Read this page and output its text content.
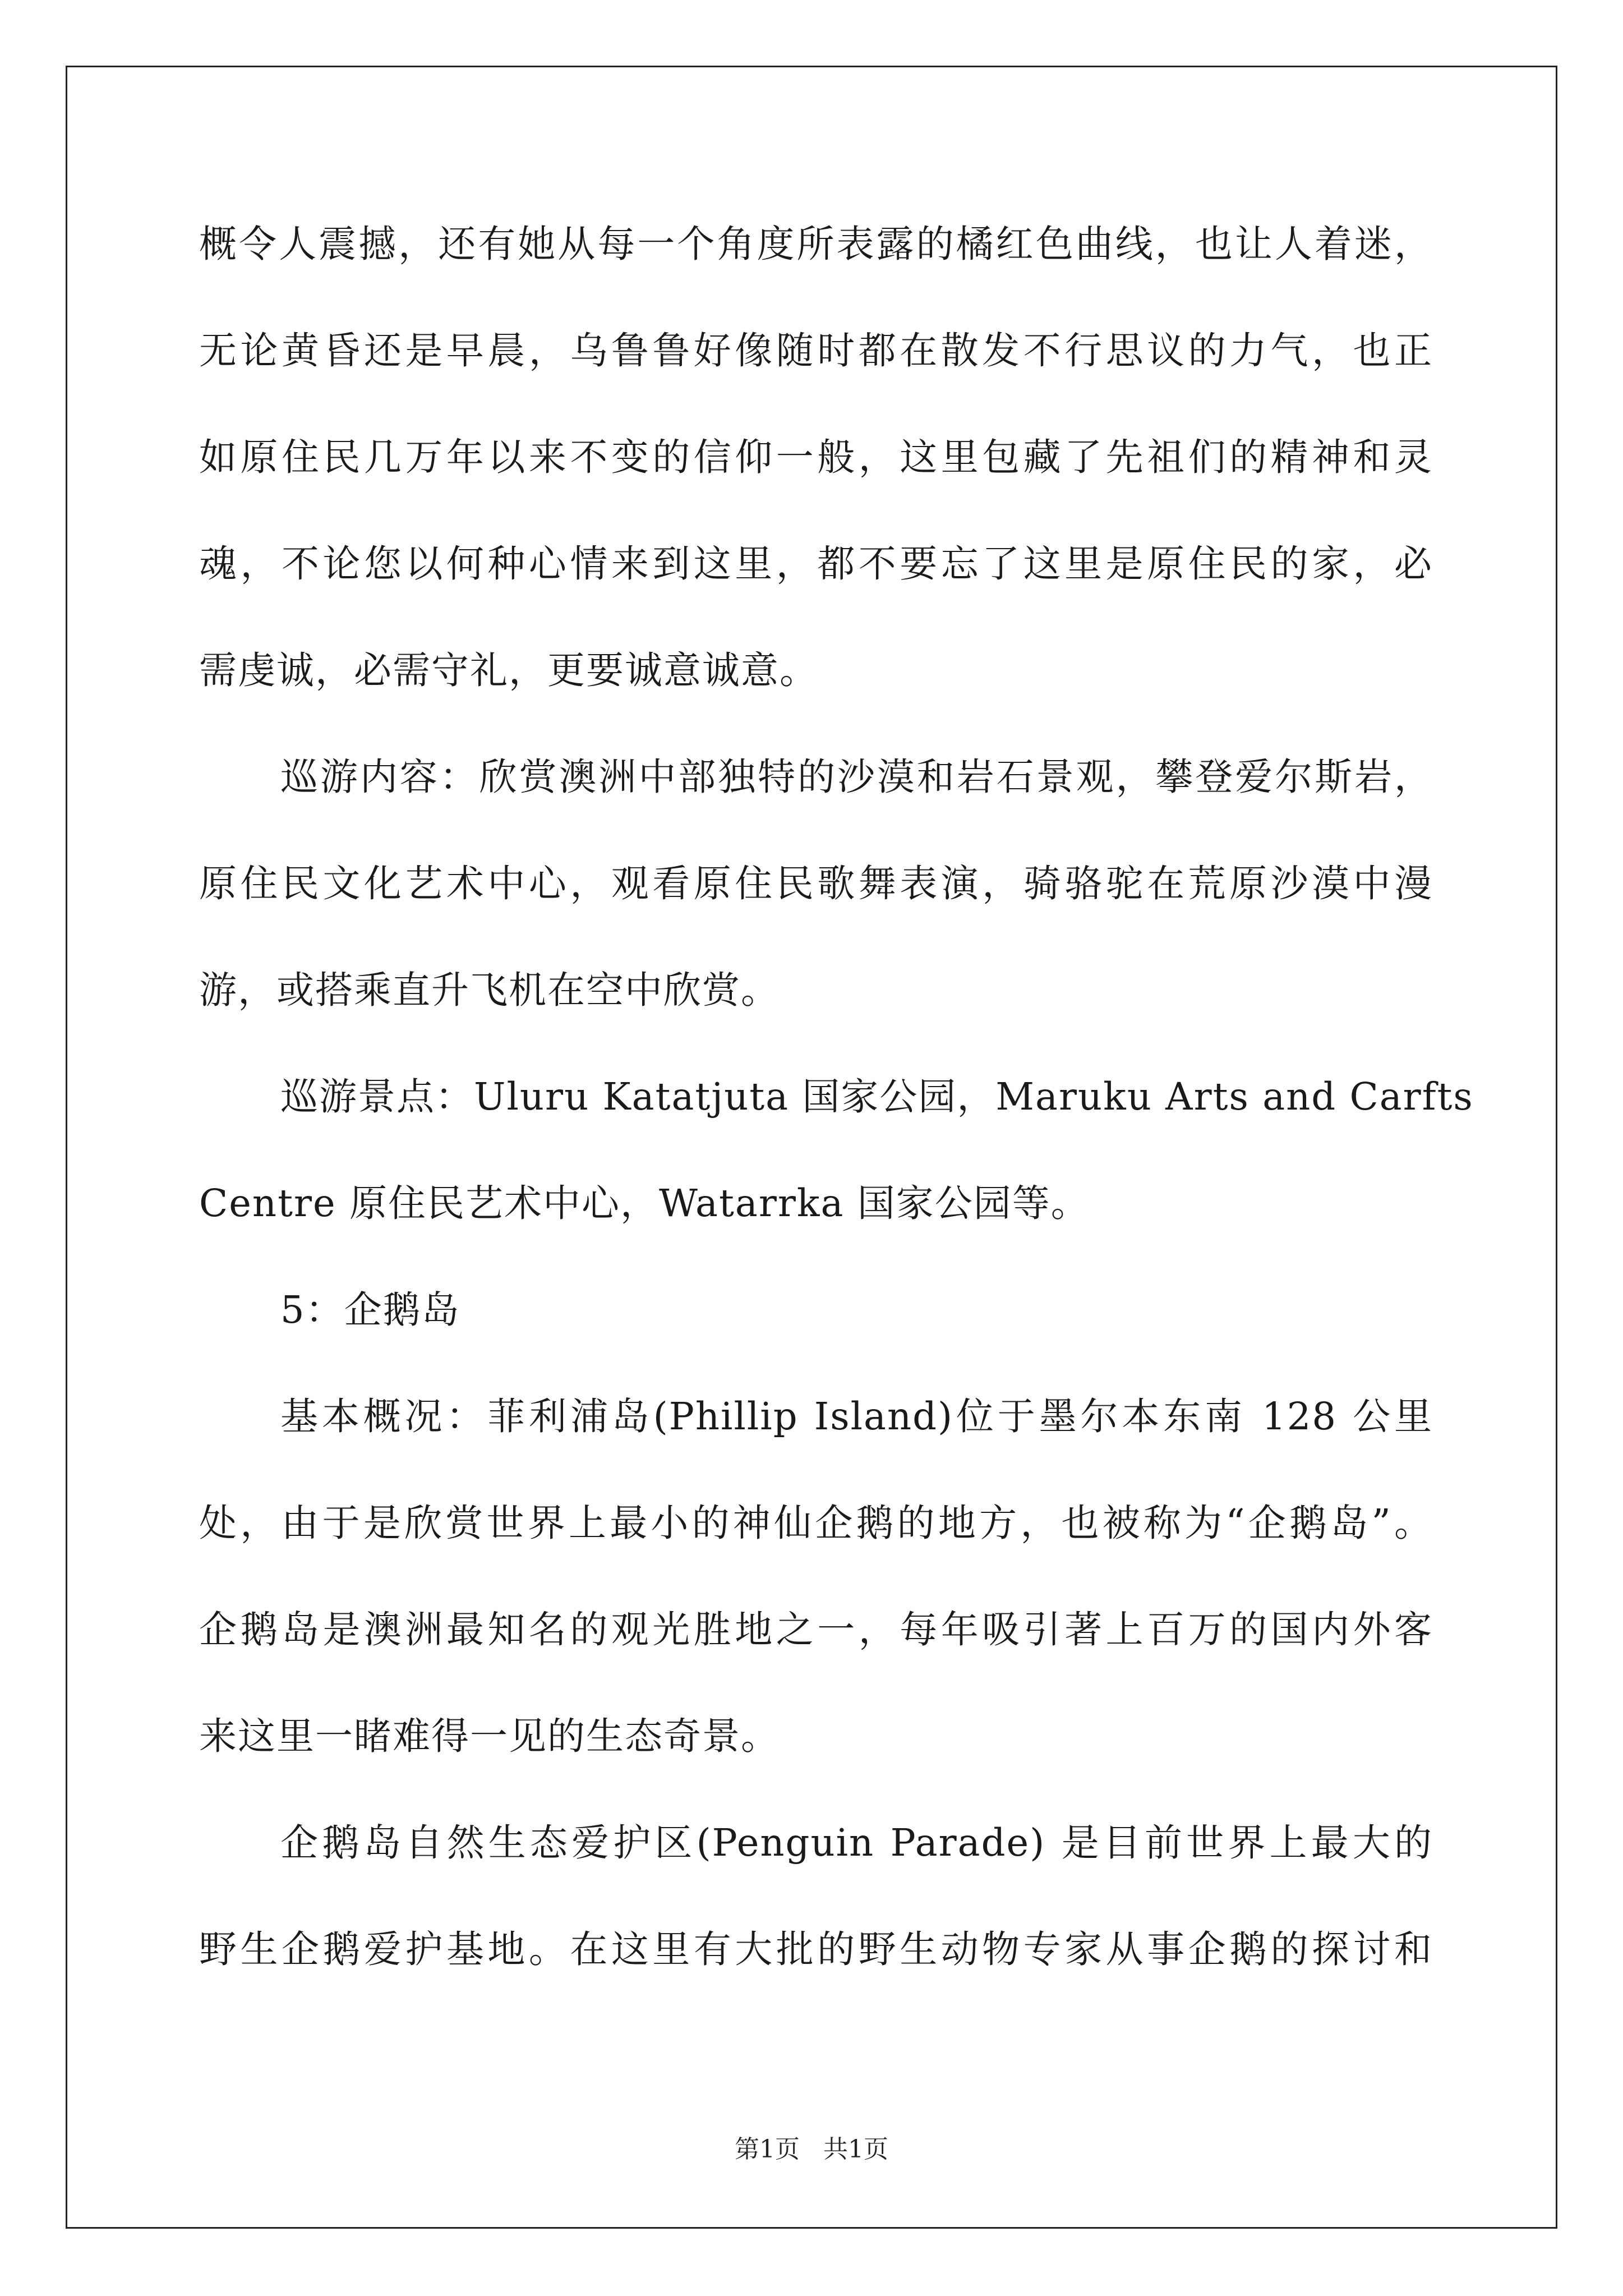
概令人震撼，还有她从每一个角度所表露的橘红色曲线，也让人着迷，
无论黄昏还是早晨，乌鲁鲁好像随时都在散发不行思议的力气，也正
如原住民几万年以来不变的信仰一般，这里包藏了先祖们的精神和灵
魂，不论您以何种心情来到这里，都不要忘了这里是原住民的家，必
需虔诚，必需守礼，更要诚意诚意。
巡游内容：欣赏澳洲中部独特的沙漠和岩石景观，攀登爱尔斯岩，
原住民文化艺术中心，观看原住民歌舞表演，骑骆驼在荒原沙漠中漫
游，或搭乘直升飞机在空中欣赏。
巡游景点：Uluru Katatjuta 国家公园，Maruku Arts and Carfts
Centre 原住民艺术中心，Watarrka 国家公园等。
5：企鹅岛
基本概况：菲利浦岛(Phillip Island)位于墨尔本东南 128 公里
处，由于是欣赏世界上最小的神仙企鹅的地方，也被称为“企鹅岛”。
企鹅岛是澳洲最知名的观光胜地之一，每年吸引著上百万的国内外客
来这里一睹难得一见的生态奇景。
企鹅岛自然生态爱护区(Penguin Parade) 是目前世界上最大的
野生企鹅爱护基地。在这里有大批的野生动物专家从事企鹅的探讨和
第1页   共1页
